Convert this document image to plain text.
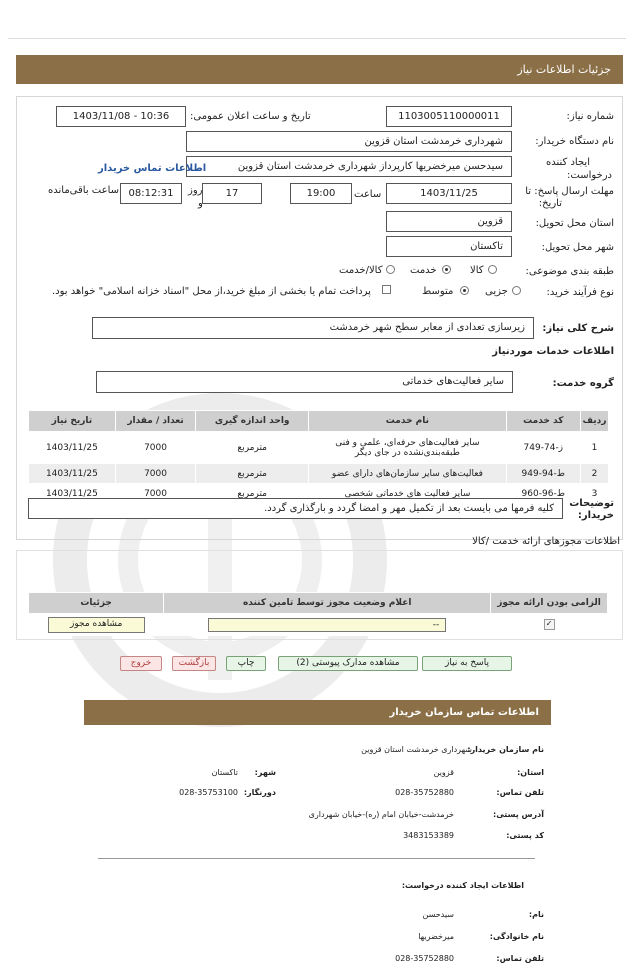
جزئیات اطلاعات نیاز
شماره نیاز:
1103005110000011
تاریخ و ساعت اعلان عمومی:
1403/11/08 - 10:36
نام دستگاه خریدار:
شهرداری خرمدشت استان قزوین
ایجاد کننده
درخواست:
سیدحسن میرخضریها کارپرداز شهرداری خرمدشت استان قزوین
اطلاعات تماس خریدار
مهلت ارسال پاسخ: تا
تاریخ:
1403/11/25
ساعت
19:00
17
روز
و
08:12:31
ساعت باقی‌مانده
استان محل تحویل:
قزوین
شهر محل تحویل:
تاکستان
طبقه بندی موضوعی:
کالا
خدمت
کالا/خدمت
نوع فرآیند خرید:
جزیی
متوسط
پرداخت تمام یا بخشی از مبلغ خرید،از محل "اسناد خزانه اسلامی" خواهد بود.
شرح کلی نیاز:
زیرسازی تعدادی از معابر سطح شهر خرمدشت
اطلاعات خدمات موردنیاز
گروه خدمت:
سایر فعالیت‌های خدماتی
ردیف	کد خدمت	نام خدمت	واحد اندازه گیری	تعداد / مقدار	تاریخ نیاز
1	ز-74-749	سایر فعالیت‌های حرفه‌ای، علمی و فنی
طبقه‌بندی‌نشده در جای دیگر	مترمربع	7000	1403/11/25
2	ط-94-949	فعالیت‌های سایر سازمان‌های دارای عضو	مترمربع	7000	1403/11/25
3	ط-96-960	سایر فعالیت های خدماتی شخصی	مترمربع	7000	1403/11/25
توضیحات
خریدار:
کلیه فرمها می بایست بعد از تکمیل مهر و امضا گردد و بارگذاری گردد.
اطلاعات مجوزهای ارائه خدمت /کالا
الزامی بودن ارائه مجوز	اعلام وضعیت مجوز توسط تامین کننده	جزئیات
✓	--	مشاهده مجوز
پاسخ به نیاز
مشاهده مدارک پیوستی (2)
چاپ
بازگشت
خروج
اطلاعات تماس سازمان خریدار
نام سازمان خریدار:
شهرداری خرمدشت استان قزوین
استان:
قزوین
شهر:
تاکستان
تلفن تماس:
028-35752880
دورنگار:
028-35753100
آدرس پستی:
خرمدشت-خیابان امام (ره)-خیابان شهرداری
کد پستی:
3483153389
اطلاعات ایجاد کننده درخواست:
نام:
سیدحسن
نام خانوادگی:
میرخضریها
تلفن تماس:
028-35752880
